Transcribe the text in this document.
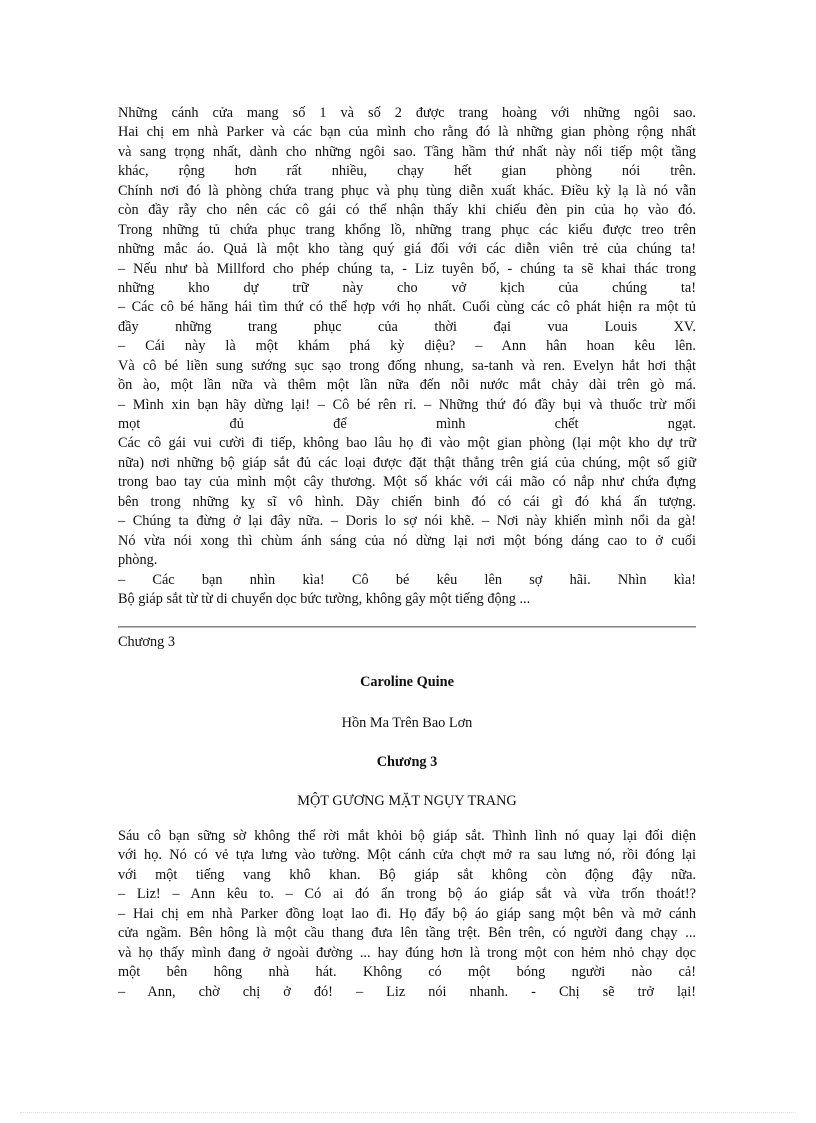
Những cánh cửa mang số 1 và số 2 được trang hoàng với những ngôi sao.
Hai chị em nhà Parker và các bạn của mình cho rằng đó là những gian phòng rộng nhất
và sang trọng nhất, dành cho những ngôi sao. Tầng hầm thứ nhất này nối tiếp một tầng
khác, rộng hơn rất nhiều, chạy hết gian phòng nói trên.
Chính nơi đó là phòng chứa trang phục và phụ tùng diễn xuất khác. Điều kỳ lạ là nó vẫn
còn đầy rẫy cho nên các cô gái có thể nhận thấy khi chiếu đèn pin của họ vào đó.
Trong những tủ chứa phục trang khổng lồ, những trang phục các kiểu được treo trên
những mắc áo. Quả là một kho tàng quý giá đối với các diễn viên trẻ của chúng ta!
– Nếu như bà Millford cho phép chúng ta, - Liz tuyên bố, - chúng ta sẽ khai thác trong
những kho dự trữ này cho vở kịch của chúng ta!
– Các cô bé hăng hái tìm thứ có thể hợp với họ nhất. Cuối cùng các cô phát hiện ra một tủ
đầy những trang phục của thời đại vua Louis XV.
– Cái này là một khám phá kỳ diệu? – Ann hân hoan kêu lên.
Và cô bé liền sung sướng sục sạo trong đống nhung, sa-tanh và ren. Evelyn hắt hơi thật
ồn ào, một lần nữa và thêm một lần nữa đến nỗi nước mắt chảy dài trên gò má.
– Mình xin bạn hãy dừng lại! – Cô bé rên rỉ. – Những thứ đó đầy bụi và thuốc trừ mối
mọt đủ để mình chết ngạt.
Các cô gái vui cười đi tiếp, không bao lâu họ đi vào một gian phòng (lại một kho dự trữ
nữa) nơi những bộ giáp sắt đủ các loại được đặt thật thẳng trên giá của chúng, một số giữ
trong bao tay của mình một cây thương. Một số khác với cái mão có nắp như chứa đựng
bên trong những kỵ sĩ vô hình. Dãy chiến binh đó có cái gì đó khá ấn tượng.
– Chúng ta đừng ở lại đây nữa. – Doris lo sợ nói khẽ. – Nơi này khiến mình nổi da gà!
Nó vừa nói xong thì chùm ánh sáng của nó dừng lại nơi một bóng dáng cao to ở cuối
phòng.
– Các bạn nhìn kìa! Cô bé kêu lên sợ hãi. Nhìn kìa!
Bộ giáp sắt từ từ di chuyển dọc bức tường, không gây một tiếng động ...
Chương 3
Caroline Quine
Hồn Ma Trên Bao Lơn
Chương 3
MỘT GƯƠNG MẶT NGỤY TRANG
Sáu cô bạn sững sờ không thể rời mắt khỏi bộ giáp sắt. Thình lình nó quay lại đối diện
với họ. Nó có vẻ tựa lưng vào tường. Một cánh cửa chợt mở ra sau lưng nó, rồi đóng lại
với một tiếng vang khô khan. Bộ giáp sắt không còn động đậy nữa.
– Liz! – Ann kêu to. – Có ai đó ẩn trong bộ áo giáp sắt và vừa trốn thoát!?
– Hai chị em nhà Parker đồng loạt lao đi. Họ đẩy bộ áo giáp sang một bên và mở cánh
cửa ngầm. Bên hông là một cầu thang đưa lên tầng trệt. Bên trên, có người đang chạy ...
và họ thấy mình đang ở ngoài đường ... hay đúng hơn là trong một con hẻm nhỏ chạy dọc
một bên hông nhà hát. Không có một bóng người nào cả!
– Ann, chờ chị ở đó! – Liz nói nhanh. - Chị sẽ trở lại!
